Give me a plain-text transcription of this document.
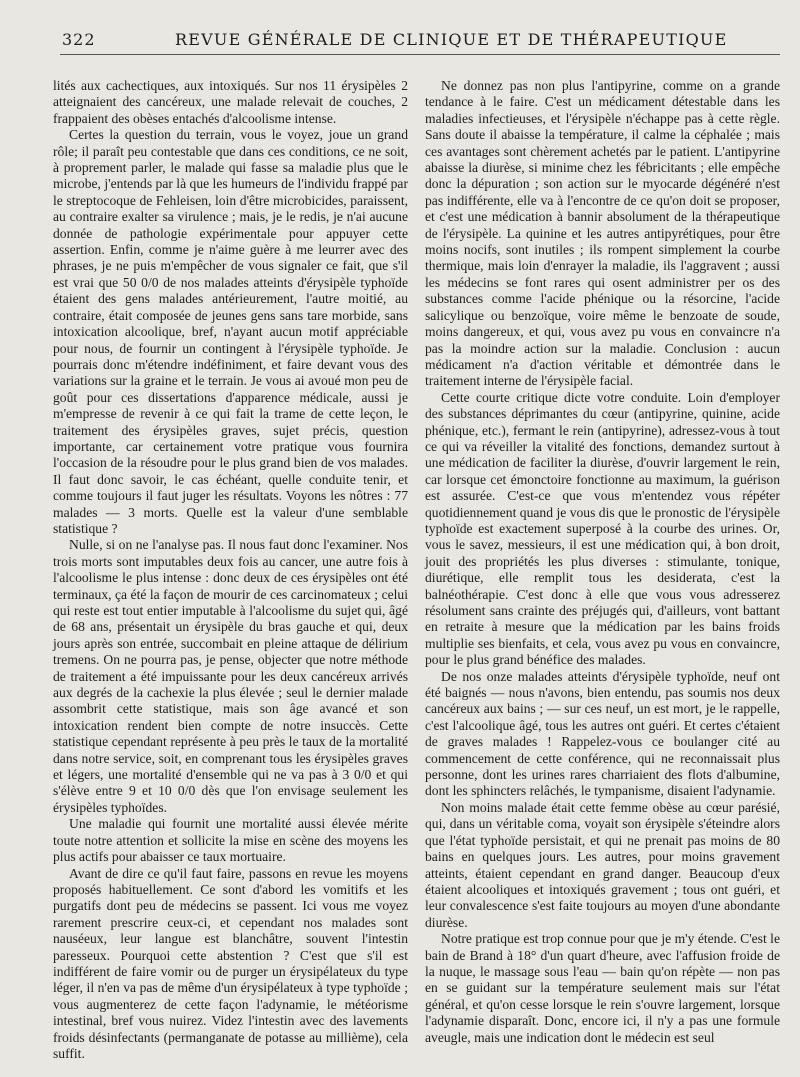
322	REVUE GÉNÉRALE DE CLINIQUE ET DE THÉRAPEUTIQUE

lités aux cachectiques, aux intoxiqués. Sur nos 11 érysipèles 2 atteignaient des cancéreux, une malade relevait de couches, 2 frappaient des obèses entachés d'alcoolisme intense.

Certes la question du terrain, vous le voyez, joue un grand rôle; il paraît peu contestable que dans ces conditions, ce ne soit, à proprement parler, le malade qui fasse sa maladie plus que le microbe, j'entends par là que les humeurs de l'individu frappé par le streptocoque de Fehleisen, loin d'être microbicides, paraissent, au contraire exalter sa virulence ; mais, je le redis, je n'ai aucune donnée de pathologie expérimentale pour appuyer cette assertion. Enfin, comme je n'aime guère à me leurrer avec des phrases, je ne puis m'empêcher de vous signaler ce fait, que s'il est vrai que 50 0/0 de nos malades atteints d'érysipèle typhoïde étaient des gens malades antérieurement, l'autre moitié, au contraire, était composée de jeunes gens sans tare morbide, sans intoxication alcoolique, bref, n'ayant aucun motif appréciable pour nous, de fournir un contingent à l'érysipèle typhoïde. Je pourrais donc m'étendre indéfiniment, et faire devant vous des variations sur la graine et le terrain. Je vous ai avoué mon peu de goût pour ces dissertations d'apparence médicale, aussi je m'empresse de revenir à ce qui fait la trame de cette leçon, le traitement des érysipèles graves, sujet précis, question importante, car certainement votre pratique vous fournira l'occasion de la résoudre pour le plus grand bien de vos malades. Il faut donc savoir, le cas échéant, quelle conduite tenir, et comme toujours il faut juger les résultats. Voyons les nôtres : 77 malades — 3 morts. Quelle est la valeur d'une semblable statistique ?

Nulle, si on ne l'analyse pas. Il nous faut donc l'examiner. Nos trois morts sont imputables deux fois au cancer, une autre fois à l'alcoolisme le plus intense : donc deux de ces érysipèles ont été terminaux, ça été la façon de mourir de ces carcinomateux ; celui qui reste est tout entier imputable à l'alcoolisme du sujet qui, âgé de 68 ans, présentait un érysipèle du bras gauche et qui, deux jours après son entrée, succombait en pleine attaque de délirium tremens. On ne pourra pas, je pense, objecter que notre méthode de traitement a été impuissante pour les deux cancéreux arrivés aux degrés de la cachexie la plus élevée ; seul le dernier malade assombrit cette statistique, mais son âge avancé et son intoxication rendent bien compte de notre insuccès. Cette statistique cependant représente à peu près le taux de la mortalité dans notre service, soit, en comprenant tous les érysipèles graves et légers, une mortalité d'ensemble qui ne va pas à 3 0/0 et qui s'élève entre 9 et 10 0/0 dès que l'on envisage seulement les érysipèles typhoïdes.

Une maladie qui fournit une mortalité aussi élevée mérite toute notre attention et sollicite la mise en scène des moyens les plus actifs pour abaisser ce taux mortuaire.

Avant de dire ce qu'il faut faire, passons en revue les moyens proposés habituellement. Ce sont d'abord les vomitifs et les purgatifs dont peu de médecins se passent. Ici vous me voyez rarement prescrire ceux-ci, et cependant nos malades sont nauséeux, leur langue est blanchâtre, souvent l'intestin paresseux. Pourquoi cette abstention ? C'est que s'il est indifférent de faire vomir ou de purger un érysipélateux du type léger, il n'en va pas de même d'un érysipélateux à type typhoïde ; vous augmenterez de cette façon l'adynamie, le météorisme intestinal, bref vous nuirez. Videz l'intestin avec des lavements froids désinfectants (permanganate de potasse au millième), cela suffit.

Ne donnez pas non plus l'antipyrine, comme on a grande tendance à le faire. C'est un médicament détestable dans les maladies infectieuses, et l'érysipèle n'échappe pas à cette règle. Sans doute il abaisse la température, il calme la céphalée ; mais ces avantages sont chèrement achetés par le patient. L'antipyrine abaisse la diurèse, si minime chez les fébricitants ; elle empêche donc la dépuration ; son action sur le myocarde dégénéré n'est pas indifférente, elle va à l'encontre de ce qu'on doit se proposer, et c'est une médication à bannir absolument de la thérapeutique de l'érysipèle. La quinine et les autres antipyrétiques, pour être moins nocifs, sont inutiles ; ils rompent simplement la courbe thermique, mais loin d'enrayer la maladie, ils l'aggravent ; aussi les médecins se font rares qui osent administrer per os des substances comme l'acide phénique ou la résorcine, l'acide salicylique ou benzoïque, voire même le benzoate de soude, moins dangereux, et qui, vous avez pu vous en convaincre n'a pas la moindre action sur la maladie. Conclusion : aucun médicament n'a d'action véritable et démontrée dans le traitement interne de l'érysipèle facial.

Cette courte critique dicte votre conduite. Loin d'employer des substances déprimantes du cœur (antipyrine, quinine, acide phénique, etc.), fermant le rein (antipyrine), adressez-vous à tout ce qui va réveiller la vitalité des fonctions, demandez surtout à une médication de faciliter la diurèse, d'ouvrir largement le rein, car lorsque cet émonctoire fonctionne au maximum, la guérison est assurée. C'est-ce que vous m'entendez vous répéter quotidiennement quand je vous dis que le pronostic de l'érysipèle typhoïde est exactement superposé à la courbe des urines. Or, vous le savez, messieurs, il est une médication qui, à bon droit, jouit des propriétés les plus diverses : stimulante, tonique, diurétique, elle remplit tous les desiderata, c'est la balnéothérapie. C'est donc à elle que vous vous adresserez résolument sans crainte des préjugés qui, d'ailleurs, vont battant en retraite à mesure que la médication par les bains froids multiplie ses bienfaits, et cela, vous avez pu vous en convaincre, pour le plus grand bénéfice des malades.

De nos onze malades atteints d'érysipèle typhoïde, neuf ont été baignés — nous n'avons, bien entendu, pas soumis nos deux cancéreux aux bains ; — sur ces neuf, un est mort, je le rappelle, c'est l'alcoolique âgé, tous les autres ont guéri. Et certes c'étaient de graves malades ! Rappelez-vous ce boulanger cité au commencement de cette conférence, qui ne reconnaissait plus personne, dont les urines rares charriaient des flots d'albumine, dont les sphincters relâchés, le tympanisme, disaient l'adynamie.

Non moins malade était cette femme obèse au cœur parésié, qui, dans un véritable coma, voyait son érysipèle s'éteindre alors que l'état typhoïde persistait, et qui ne prenait pas moins de 80 bains en quelques jours. Les autres, pour moins gravement atteints, étaient cependant en grand danger. Beaucoup d'eux étaient alcooliques et intoxiqués gravement ; tous ont guéri, et leur convalescence s'est faite toujours au moyen d'une abondante diurèse.

Notre pratique est trop connue pour que je m'y étende. C'est le bain de Brand à 18° d'un quart d'heure, avec l'affusion froide de la nuque, le massage sous l'eau — bain qu'on répète — non pas en se guidant sur la température seulement mais sur l'état général, et qu'on cesse lorsque le rein s'ouvre largement, lorsque l'adynamie disparaît. Donc, encore ici, il n'y a pas une formule aveugle, mais une indication dont le médecin est seul
